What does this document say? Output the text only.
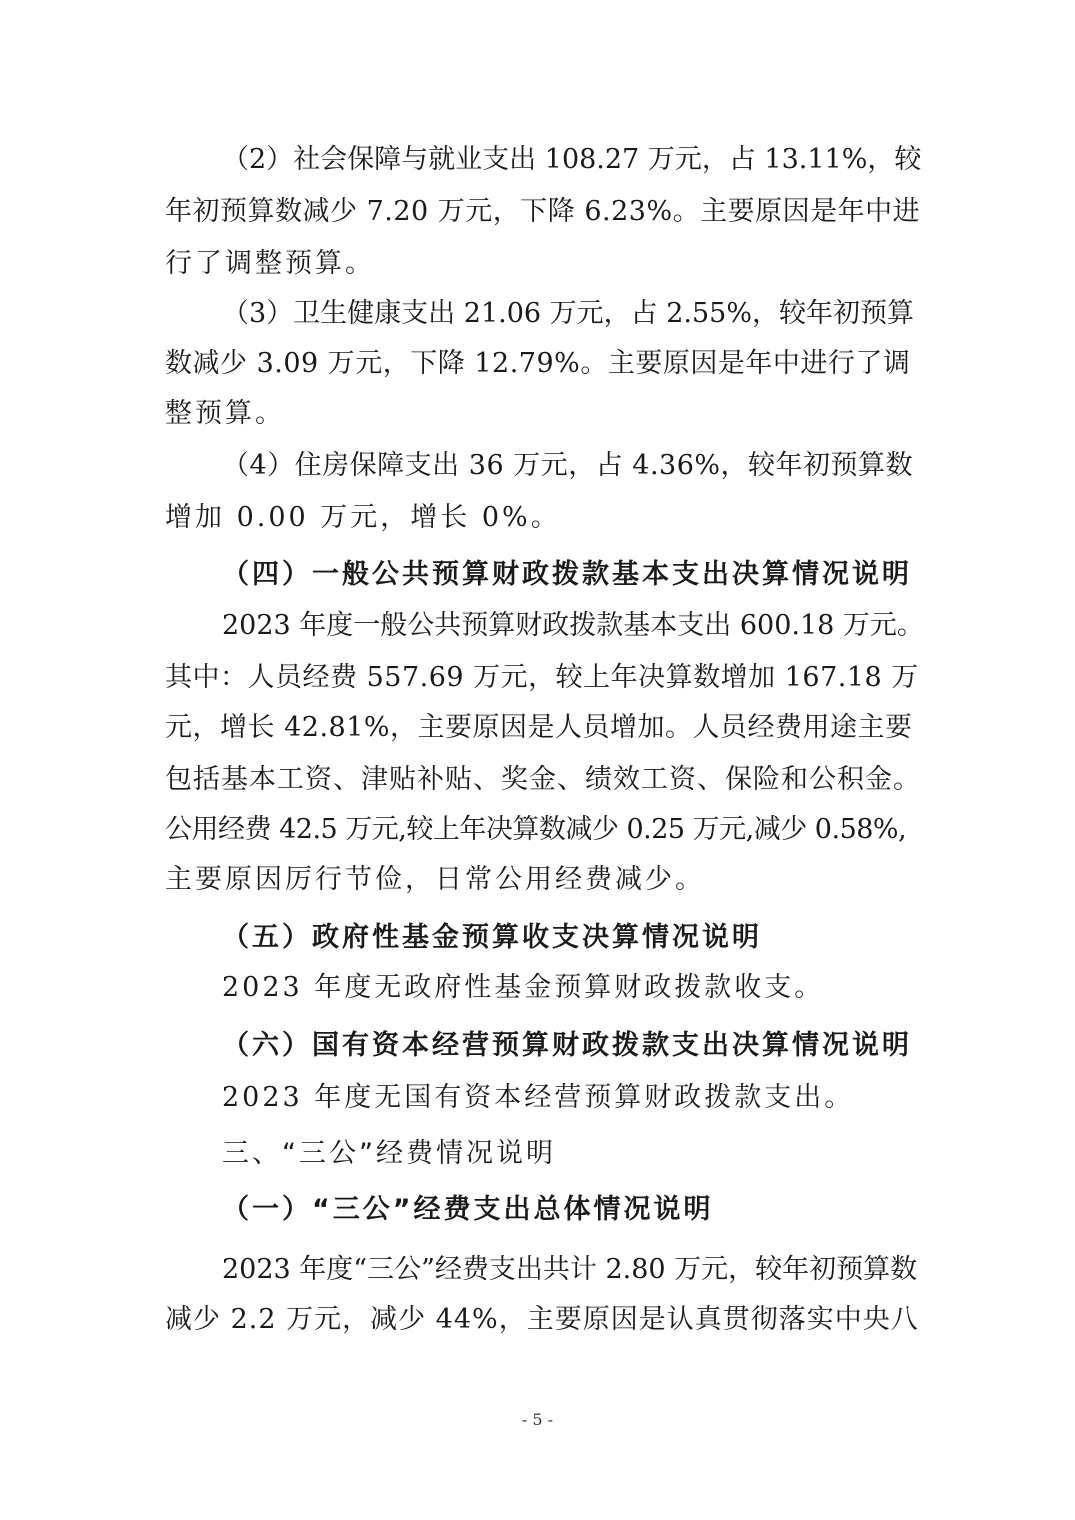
（2）社会保障与就业支出 108.27 万元，占 13.11%，较
年初预算数减少 7.20 万元，下降 6.23%。主要原因是年中进
行了调整预算。
（3）卫生健康支出 21.06 万元，占 2.55%，较年初预算
数减少 3.09 万元，下降 12.79%。主要原因是年中进行了调
整预算。
（4）住房保障支出 36 万元，占 4.36%，较年初预算数
增加 0.00 万元，增长 0%。
（四）一般公共预算财政拨款基本支出决算情况说明
2023 年度一般公共预算财政拨款基本支出 600.18 万元。
其中：人员经费 557.69 万元，较上年决算数增加 167.18 万
元，增长 42.81%，主要原因是人员增加。人员经费用途主要
包括基本工资、津贴补贴、奖金、绩效工资、保险和公积金。
公用经费 42.5 万元,较上年决算数减少 0.25 万元,减少 0.58%,
主要原因厉行节俭，日常公用经费减少。
（五）政府性基金预算收支决算情况说明
2023 年度无政府性基金预算财政拨款收支。
（六）国有资本经营预算财政拨款支出决算情况说明
2023 年度无国有资本经营预算财政拨款支出。
三、“三公”经费情况说明
（一）“三公”经费支出总体情况说明
2023 年度“三公”经费支出共计 2.80 万元，较年初预算数
减少 2.2 万元，减少 44%，主要原因是认真贯彻落实中央八
- 5 -
